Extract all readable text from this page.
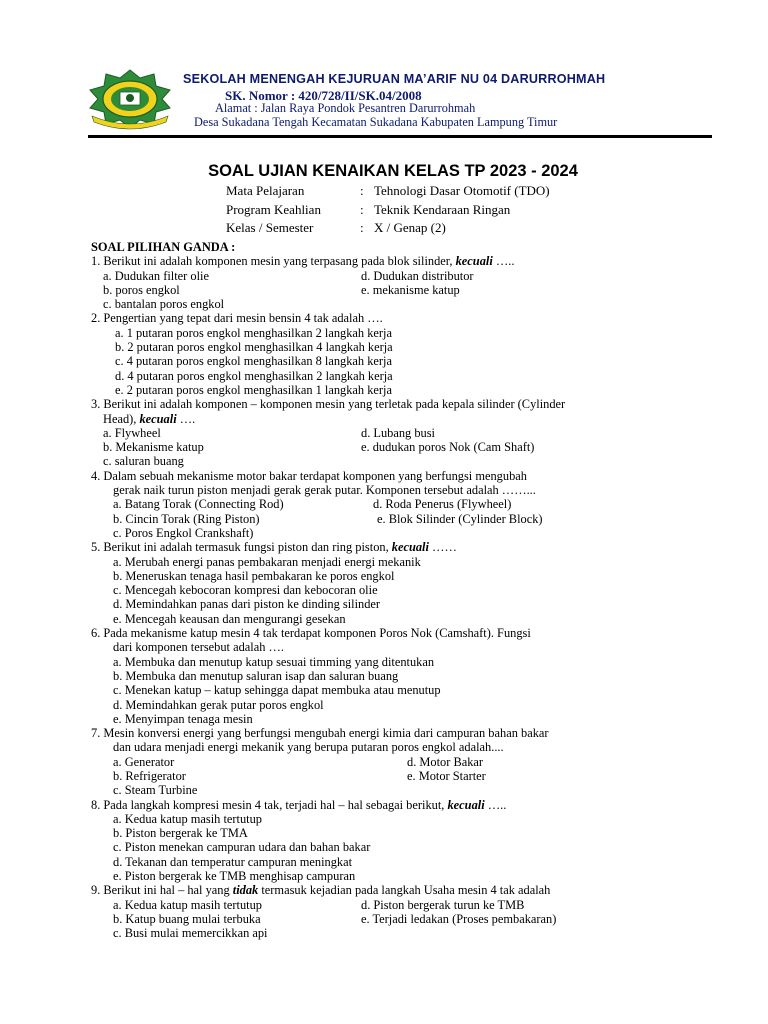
SEKOLAH MENENGAH KEJURUAN MA’ARIF NU 04 DARURROHMAH
SK. Nomor : 420/728/II/SK.04/2008
Alamat : Jalan Raya Pondok Pesantren Darurrohmah
Desa Sukadana Tengah Kecamatan Sukadana Kabupaten Lampung Timur
SOAL UJIAN KENAIKAN KELAS TP 2023 - 2024
Mata Pelajaran	: Tehnologi Dasar Otomotif (TDO)
Program Keahlian	: Teknik Kendaraan Ringan
Kelas / Semester	: X / Genap (2)
SOAL PILIHAN GANDA :
1. Berikut ini adalah komponen mesin yang terpasang pada blok silinder, kecuali …..
a. Dudukan filter olie	d. Dudukan distributor
b. poros engkol	e. mekanisme katup
c. bantalan poros engkol
2. Pengertian yang tepat dari mesin bensin 4 tak adalah ….
a. 1 putaran poros engkol menghasilkan 2 langkah kerja
b. 2 putaran poros engkol menghasilkan 4 langkah kerja
c. 4 putaran poros engkol menghasilkan 8 langkah kerja
d. 4 putaran poros engkol menghasilkan 2 langkah kerja
e. 2 putaran poros engkol menghasilkan 1 langkah kerja
3. Berikut ini adalah komponen – komponen mesin yang terletak pada kepala silinder (Cylinder
Head), kecuali ….
a. Flywheel	d. Lubang busi
b. Mekanisme katup	e. dudukan poros Nok (Cam Shaft)
c. saluran buang
4. Dalam sebuah mekanisme motor bakar terdapat komponen yang berfungsi mengubah
gerak naik turun piston menjadi gerak gerak putar. Komponen tersebut adalah ……...
a. Batang Torak (Connecting Rod)	d. Roda Penerus (Flywheel)
b. Cincin Torak (Ring Piston)	e. Blok Silinder (Cylinder Block)
c. Poros Engkol Crankshaft)
5. Berikut ini adalah termasuk fungsi piston dan ring piston, kecuali ……
a. Merubah energi panas pembakaran menjadi energi mekanik
b. Meneruskan tenaga hasil pembakaran ke poros engkol
c. Mencegah kebocoran kompresi dan kebocoran olie
d. Memindahkan panas dari piston ke dinding silinder
e. Mencegah keausan dan mengurangi gesekan
6. Pada mekanisme katup mesin 4 tak terdapat komponen Poros Nok (Camshaft). Fungsi
dari komponen tersebut adalah ….
a. Membuka dan menutup katup sesuai timming yang ditentukan
b. Membuka dan menutup saluran isap dan saluran buang
c. Menekan katup – katup sehingga dapat membuka atau menutup
d. Memindahkan gerak putar poros engkol
e. Menyimpan tenaga mesin
7. Mesin konversi energi yang berfungsi mengubah energi kimia dari campuran bahan bakar
dan udara menjadi energi mekanik yang berupa putaran poros engkol adalah....
a. Generator	d. Motor Bakar
b. Refrigerator	e. Motor Starter
c. Steam Turbine
8. Pada langkah kompresi mesin 4 tak, terjadi hal – hal sebagai berikut, kecuali …..
a. Kedua katup masih tertutup
b. Piston bergerak ke TMA
c. Piston menekan campuran udara dan bahan bakar
d. Tekanan dan temperatur campuran meningkat
e. Piston bergerak ke TMB menghisap campuran
9. Berikut ini hal – hal yang tidak termasuk kejadian pada langkah Usaha mesin 4 tak adalah
a. Kedua katup masih tertutup	d. Piston bergerak turun ke TMB
b. Katup buang mulai terbuka	e. Terjadi ledakan (Proses pembakaran)
c. Busi mulai memercikkan api
